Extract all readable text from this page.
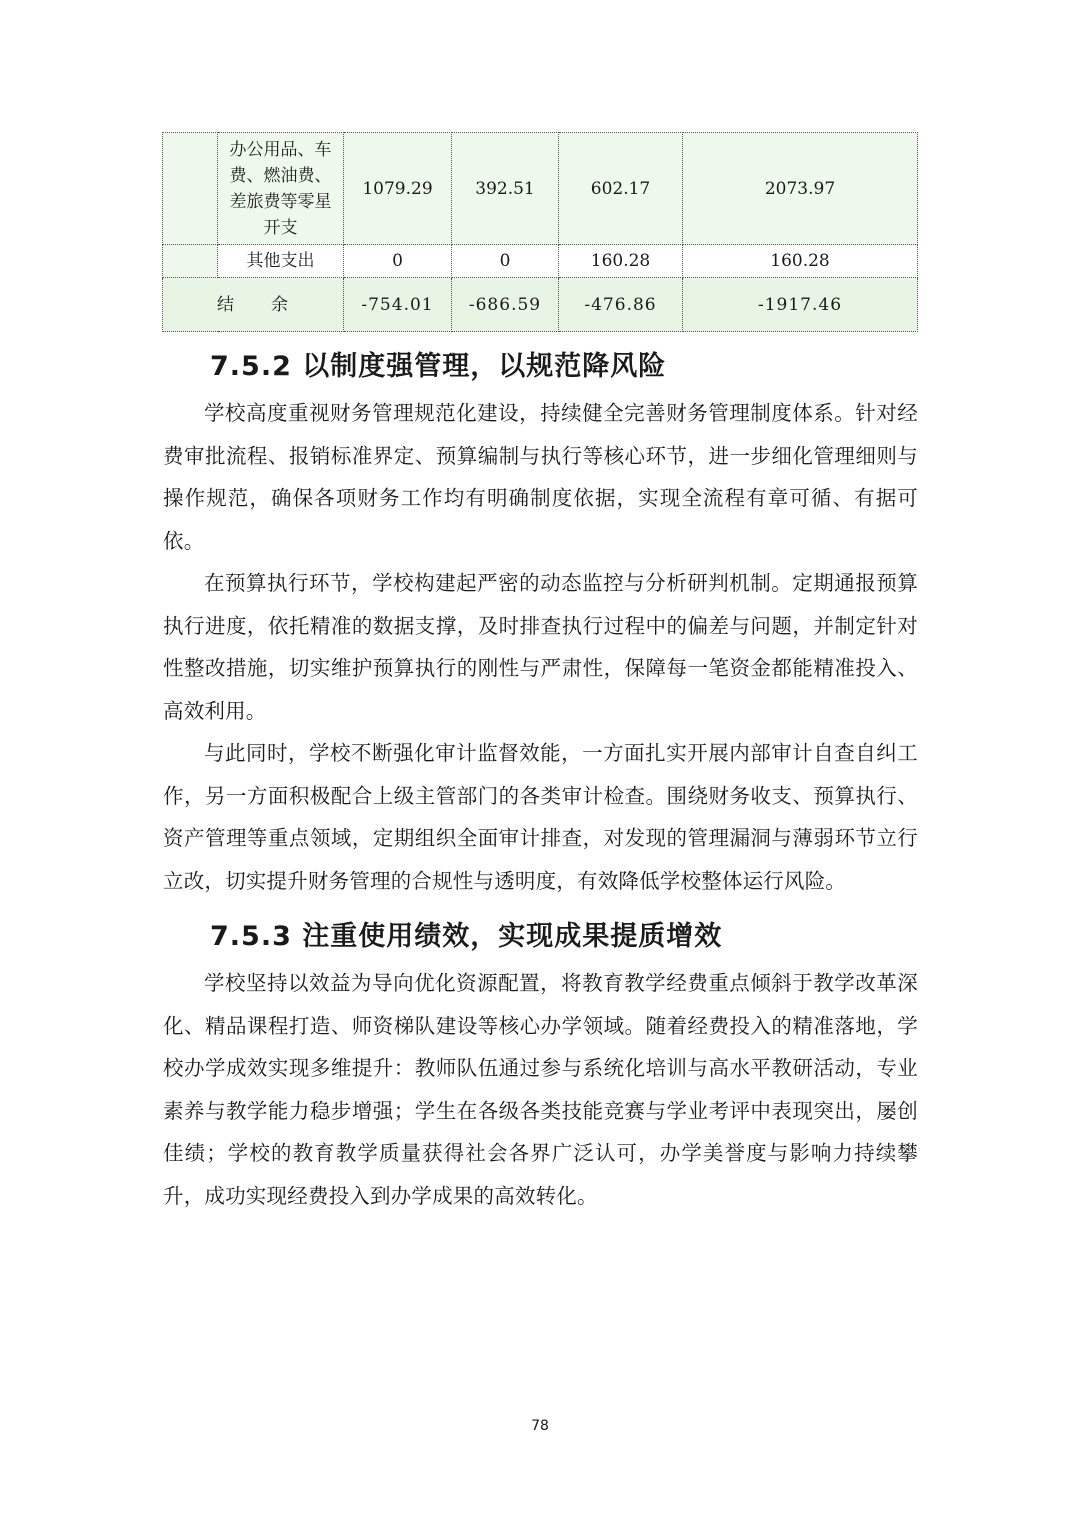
	办公用品、车费、燃油费、差旅费等零星开支	1079.29	392.51	602.17	2073.97
	其他支出	0	0	160.28	160.28
结　　余		-754.01	-686.59	-476.86	-1917.46
7.5.2 以制度强管理，以规范降风险

学校高度重视财务管理规范化建设，持续健全完善财务管理制度体系。针对经费审批流程、报销标准界定、预算编制与执行等核心环节，进一步细化管理细则与操作规范，确保各项财务工作均有明确制度依据，实现全流程有章可循、有据可依。

在预算执行环节，学校构建起严密的动态监控与分析研判机制。定期通报预算执行进度，依托精准的数据支撑，及时排查执行过程中的偏差与问题，并制定针对性整改措施，切实维护预算执行的刚性与严肃性，保障每一笔资金都能精准投入、高效利用。

与此同时，学校不断强化审计监督效能，一方面扎实开展内部审计自查自纠工作，另一方面积极配合上级主管部门的各类审计检查。围绕财务收支、预算执行、资产管理等重点领域，定期组织全面审计排查，对发现的管理漏洞与薄弱环节立行立改，切实提升财务管理的合规性与透明度，有效降低学校整体运行风险。

7.5.3 注重使用绩效，实现成果提质增效

学校坚持以效益为导向优化资源配置，将教育教学经费重点倾斜于教学改革深化、精品课程打造、师资梯队建设等核心办学领域。随着经费投入的精准落地，学校办学成效实现多维提升：教师队伍通过参与系统化培训与高水平教研活动，专业素养与教学能力稳步增强；学生在各级各类技能竞赛与学业考评中表现突出，屡创佳绩；学校的教育教学质量获得社会各界广泛认可，办学美誉度与影响力持续攀升，成功实现经费投入到办学成果的高效转化。

78
